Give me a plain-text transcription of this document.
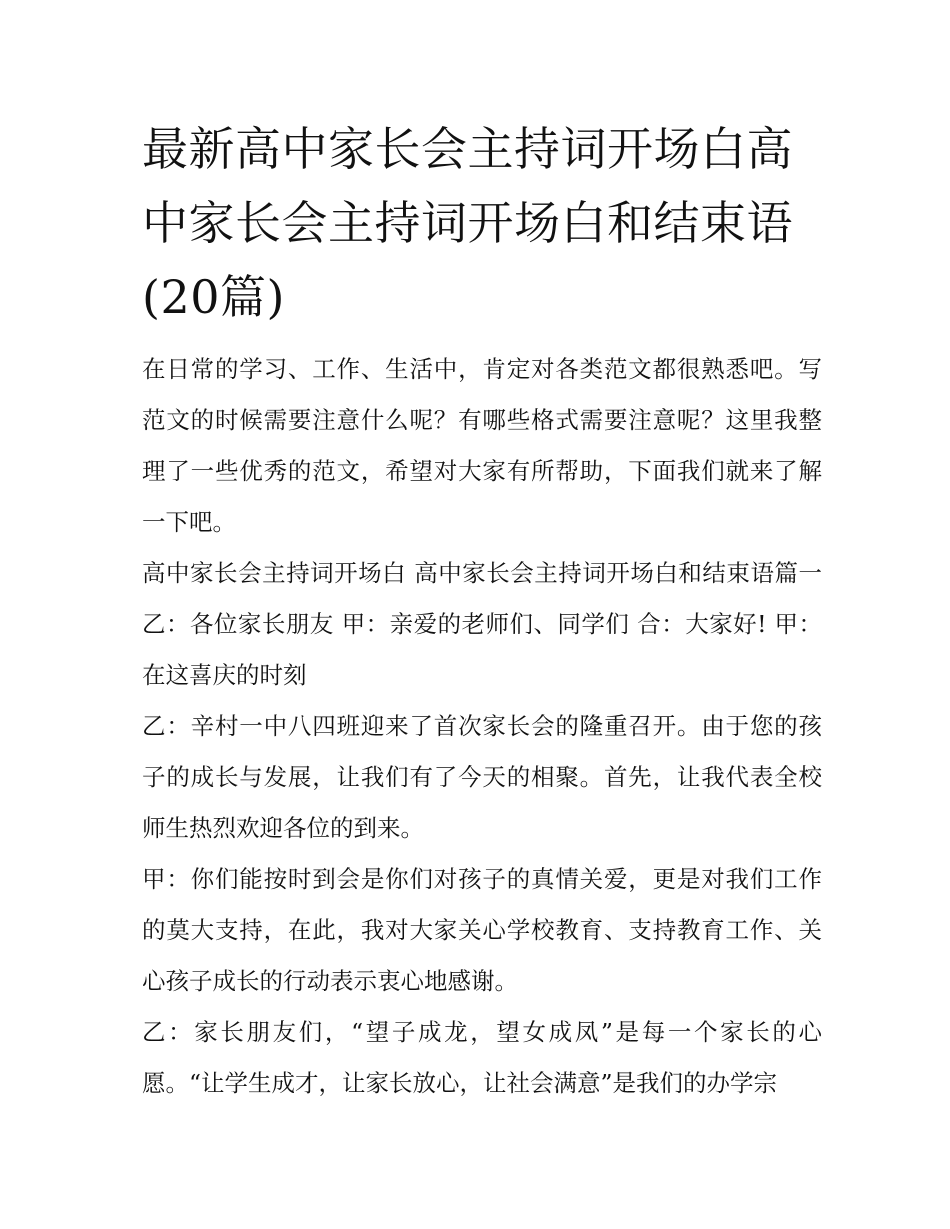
最新高中家长会主持词开场白高中家长会主持词开场白和结束语(20篇)

在日常的学习、工作、生活中，肯定对各类范文都很熟悉吧。写范文的时候需要注意什么呢？有哪些格式需要注意呢？这里我整理了一些优秀的范文，希望对大家有所帮助，下面我们就来了解一下吧。

高中家长会主持词开场白 高中家长会主持词开场白和结束语篇一 乙：各位家长朋友 甲：亲爱的老师们、同学们 合：大家好! 甲：在这喜庆的时刻

乙：辛村一中八四班迎来了首次家长会的隆重召开。由于您的孩子的成长与发展，让我们有了今天的相聚。首先，让我代表全校师生热烈欢迎各位的到来。

甲：你们能按时到会是你们对孩子的真情关爱，更是对我们工作的莫大支持，在此，我对大家关心学校教育、支持教育工作、关心孩子成长的行动表示衷心地感谢。

乙：家长朋友们，“望子成龙，望女成凤”是每一个家长的心愿。“让学生成才，让家长放心，让社会满意”是我们的办学宗
